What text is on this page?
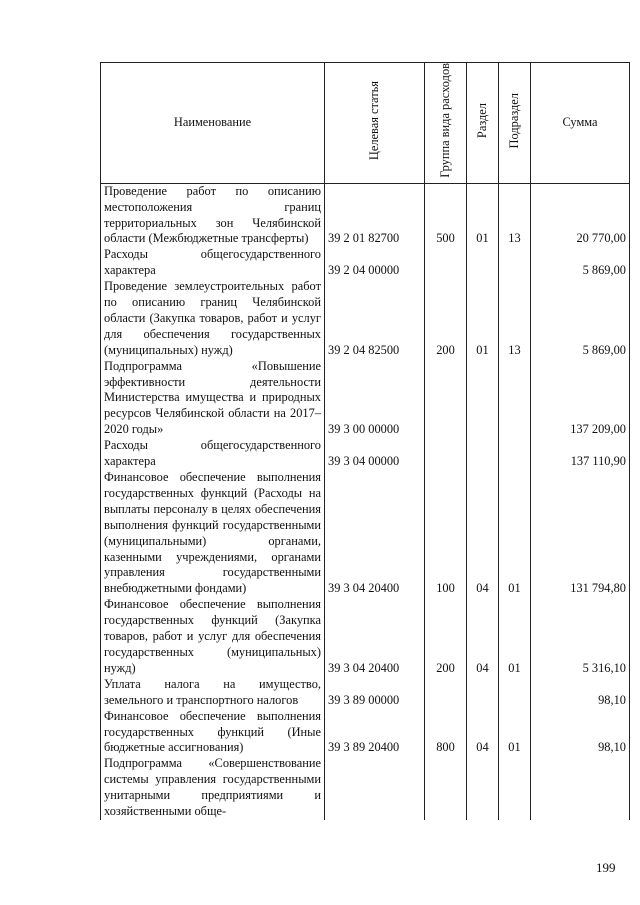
Наименование	Целевая статья	Группа вида расходов	Раздел	Подраздел	Сумма
Проведение работ по описанию местоположения границ территориальных зон Челябинской области (Межбюджетные трансферты)	39 2 01 82700	500	01	13	20 770,00
Расходы общегосударственного характера	39 2 04 00000				5 869,00
Проведение землеустроительных работ по описанию границ Челябинской области (Закупка товаров, работ и услуг для обеспечения государственных (муниципальных) нужд)	39 2 04 82500	200	01	13	5 869,00
Подпрограмма «Повышение эффективности деятельности Министерства имущества и природных ресурсов Челябинской области на 2017–2020 годы»	39 3 00 00000				137 209,00
Расходы общегосударственного характера	39 3 04 00000				137 110,90
Финансовое обеспечение выполнения государственных функций (Расходы на выплаты персоналу в целях обеспечения выполнения функций государственными (муниципальными) органами, казенными учреждениями, органами управления государственными внебюджетными фондами)	39 3 04 20400	100	04	01	131 794,80
Финансовое обеспечение выполнения государственных функций (Закупка товаров, работ и услуг для обеспечения государственных (муниципальных) нужд)	39 3 04 20400	200	04	01	5 316,10
Уплата налога на имущество, земельного и транспортного налогов	39 3 89 00000				98,10
Финансовое обеспечение выполнения государственных функций (Иные бюджетные ассигнования)	39 3 89 20400	800	04	01	98,10
Подпрограмма «Совершенствование системы управления государственными унитарными предприятиями и хозяйственными обще-					
199
